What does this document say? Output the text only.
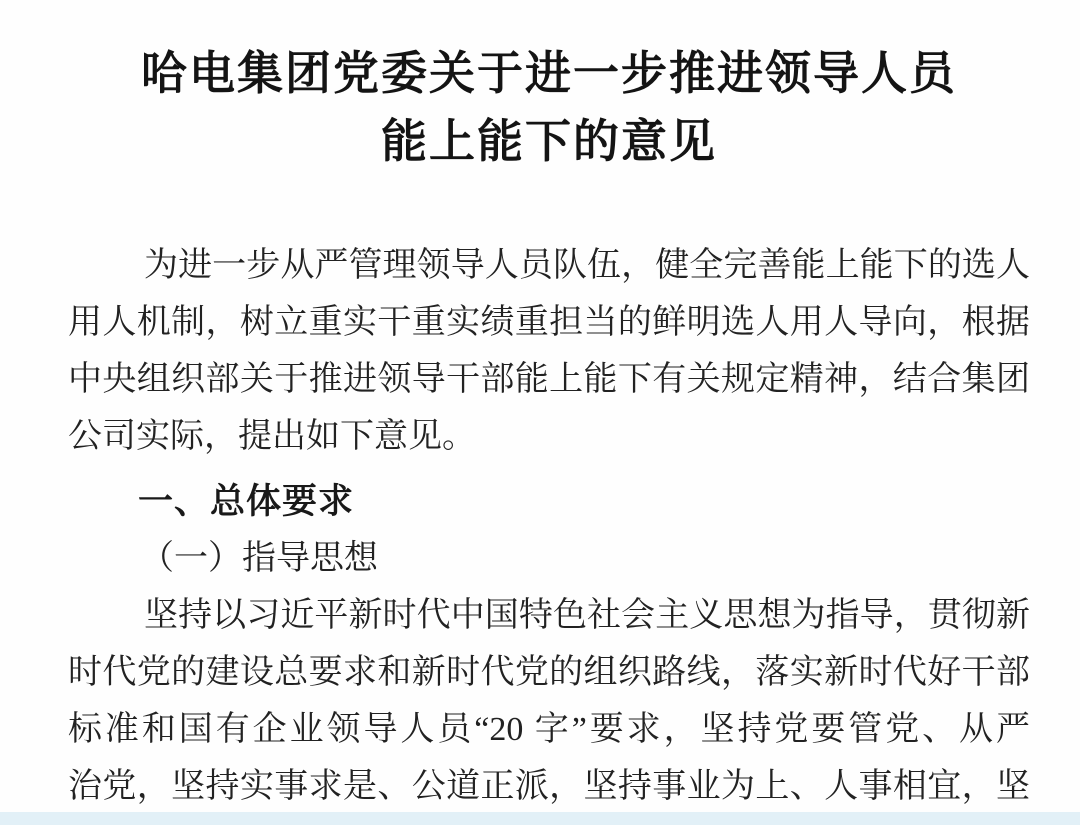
哈电集团党委关于进一步推进领导人员
能上能下的意见
为进一步从严管理领导人员队伍，健全完善能上能下的选人
用人机制，树立重实干重实绩重担当的鲜明选人用人导向，根据
中央组织部关于推进领导干部能上能下有关规定精神，结合集团
公司实际，提出如下意见。
一、总体要求
（一）指导思想
坚持以习近平新时代中国特色社会主义思想为指导，贯彻新
时代党的建设总要求和新时代党的组织路线，落实新时代好干部
标准和国有企业领导人员“20 字”要求，坚持党要管党、从严
治党，坚持实事求是、公道正派，坚持事业为上、人事相宜，坚
